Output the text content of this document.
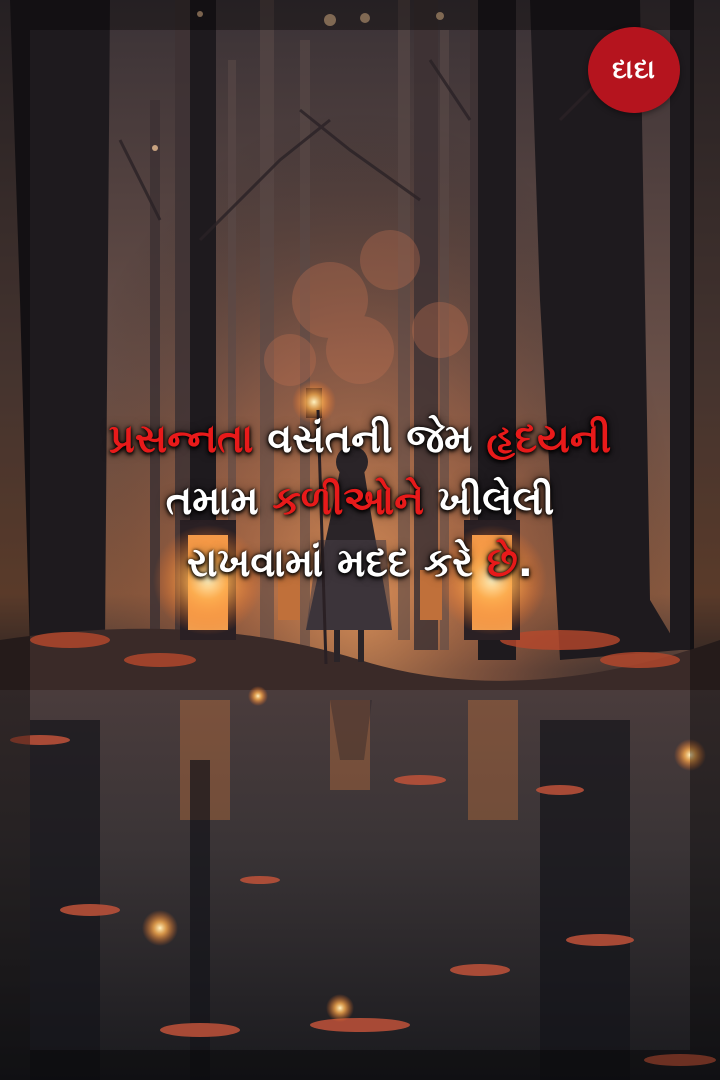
દાદા
પ્રસન્નતા વસંતની જેમ હૃદયની
તમામ કળીઓને ખીલેલી
રાખવામાં મદદ કરે છે.
